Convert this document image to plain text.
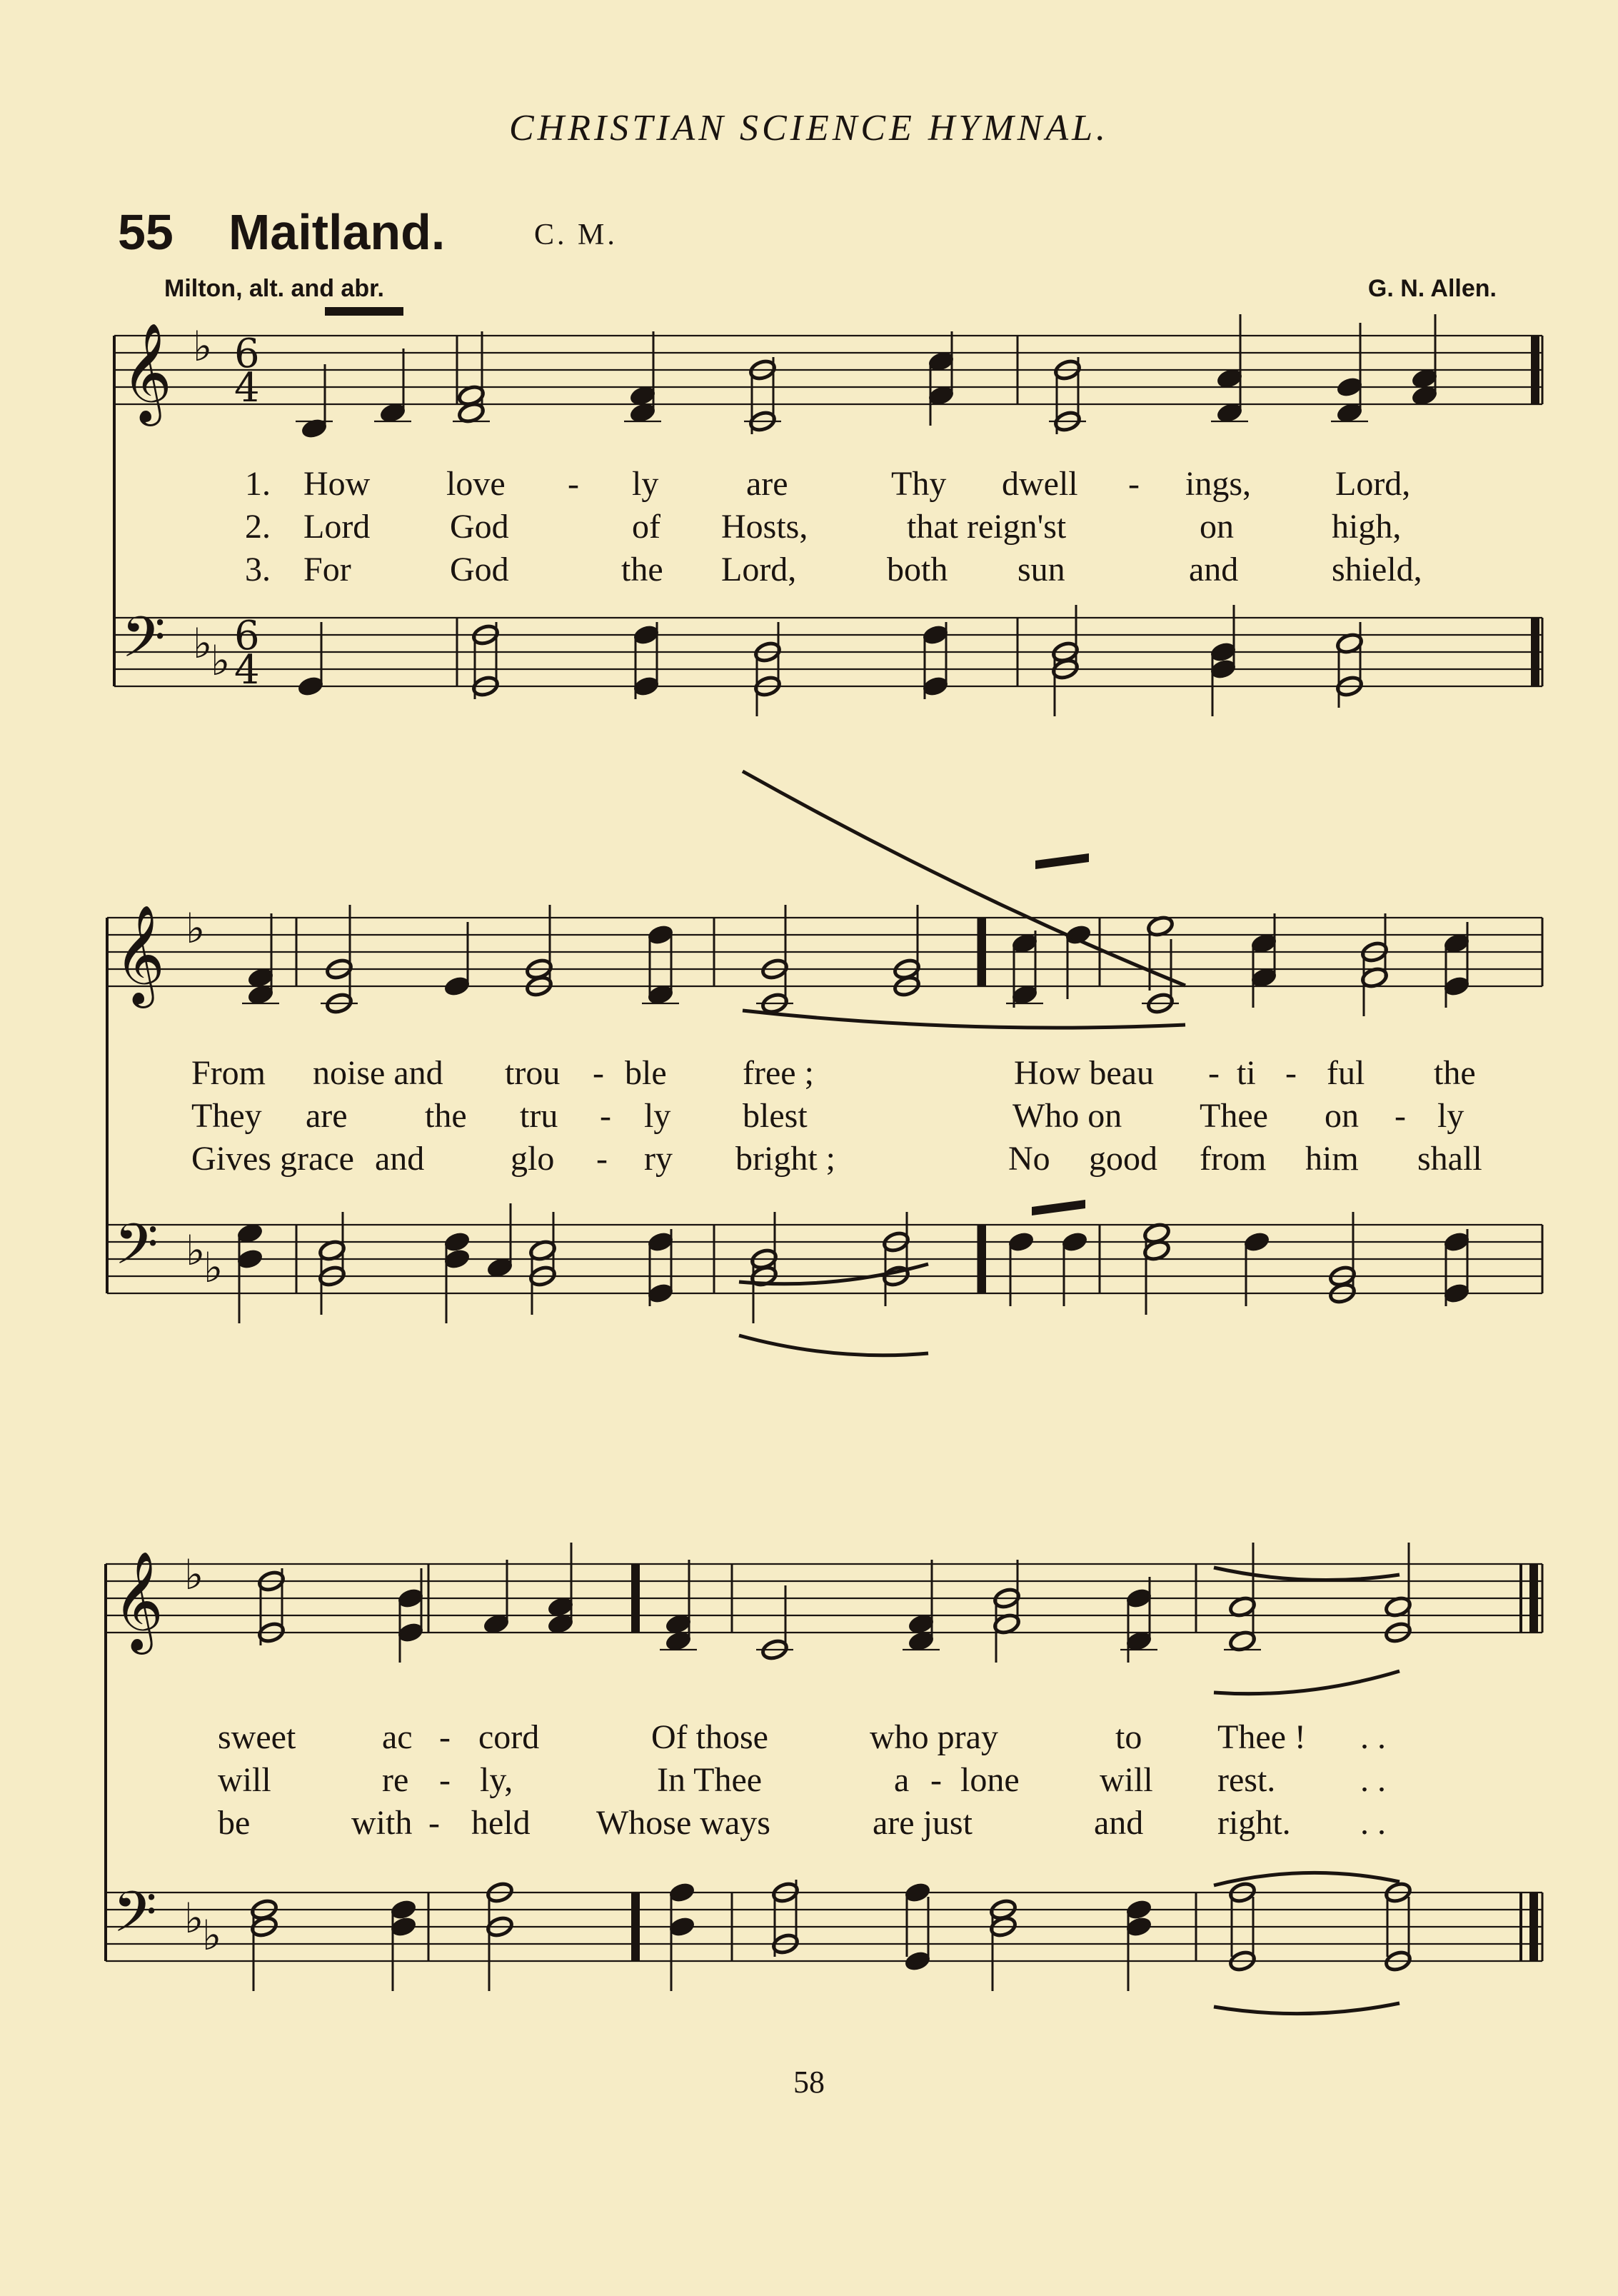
CHRISTIAN SCIENCE HYMNAL.
55 Maitland.	C. M.
Milton, alt. and abr.	G. N. Allen.
𝄞
𝄢
♭
♭
♭
6
4
6
4
𝄞
𝄢
♭
♭
♭
𝄞
𝄢
♭
♭
♭
1. How love - ly	are	Thy dwell - ings, Lord,
2. Lord God	of Hosts,	that reign'st	on	high,
3. For	God	the Lord,	both sun	and	shield,
From noise and trou - ble free ;	How beau - ti - ful the
They are the tru - ly blest	Who on Thee on - ly
Gives grace and	glo - ry bright ;	No good from him shall
sweet	ac - cord	Of those	who pray	to Thee ! . .
will	re - ly,	In Thee	a - lone will rest. . .
be	with - held Whose ways	are just	and right. . .
58
